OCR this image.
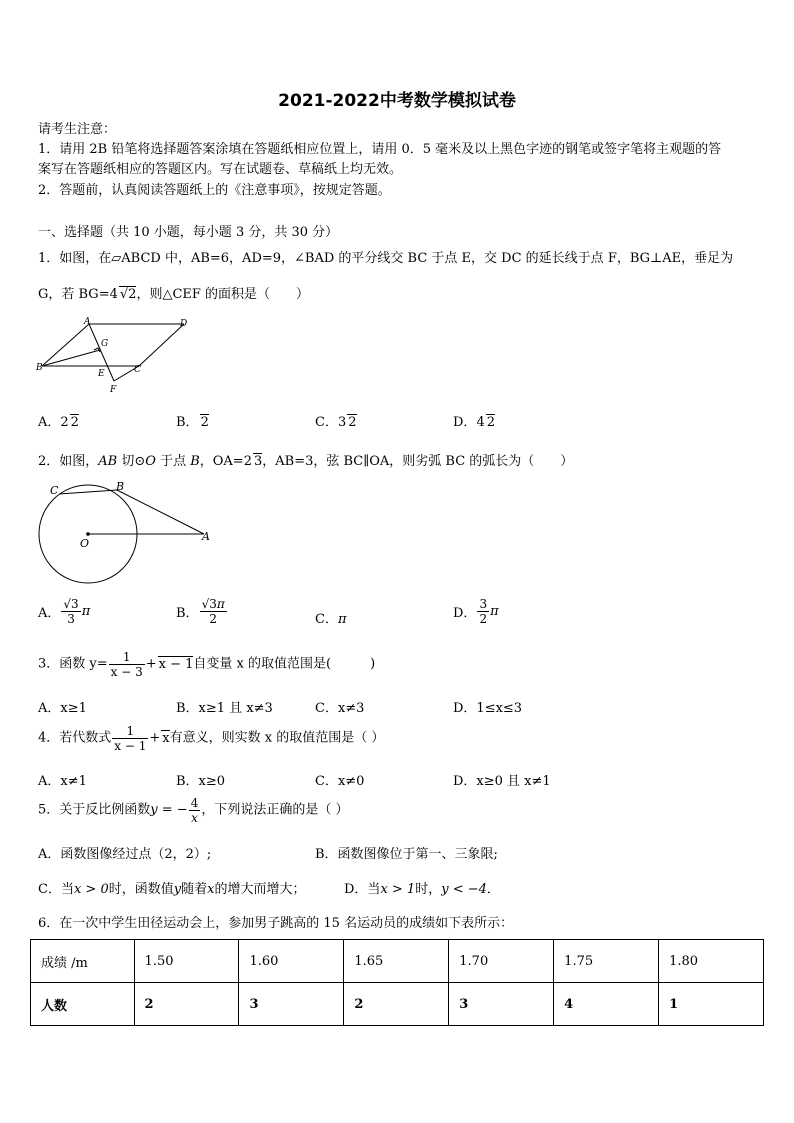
2021-2022中考数学模拟试卷
请考生注意：
1．请用 2B 铅笔将选择题答案涂填在答题纸相应位置上，请用 0．5 毫米及以上黑色字迹的钢笔或签字笔将主观题的答
案写在答题纸相应的答题区内。写在试题卷、草稿纸上均无效。
2．答题前，认真阅读答题纸上的《注意事项》，按规定答题。
一、选择题（共 10 小题，每小题 3 分，共 30 分）
1．如图，在▱ABCD 中，AB=6，AD=9，∠BAD 的平分线交 BC 于点 E，交 DC 的延长线于点 F，BG⊥AE，垂足为
G，若 BG=4 √2，则△CEF 的面积是（　　）
A	D
G
B
E	C
F
A．2 2	B． 2	C．3 2	D．4 2
2．如图，AB 切⊙O 于点 B，OA=2 3，AB=3，弦 BC∥OA，则劣弧 BC 的弧长为（　　）
C	B
O
A
A． $\frac{√3}{3}$ π	B． $\frac{√3\pi}{2}$	C．π	D． $\frac{3}{2}$ π
3．函数 $y= \frac{1}{x - 3} + x - 1$自变量 x 的取值范围是(　　　)
A．x≥1	B．x≥1 且 x≠3	C．x≠3	D．1≤x≤3
4．若代数式 $\frac{1}{x - 1} + x$有意义，则实数 x 的取值范围是（ ）
A．x≠1	B．x≥0	C．x≠0	D．x≥0 且 x≠1
5．关于反比例函数y = − $\frac{4}{x}$ ，下列说法正确的是（ ）
A．函数图像经过点（2，2）;	B．函数图像位于第一、三象限;
C．当x > 0时，函数值y随着x的增大而增大；	D．当x > 1时，y < −4．
6．在一次中学生田径运动会上，参加男子跳高的 15 名运动员的成绩如下表所示：
成绩 /m	1.50	1.60	1.65	1.70	1.75	1.80
人数	2	3	2	3	4	1
